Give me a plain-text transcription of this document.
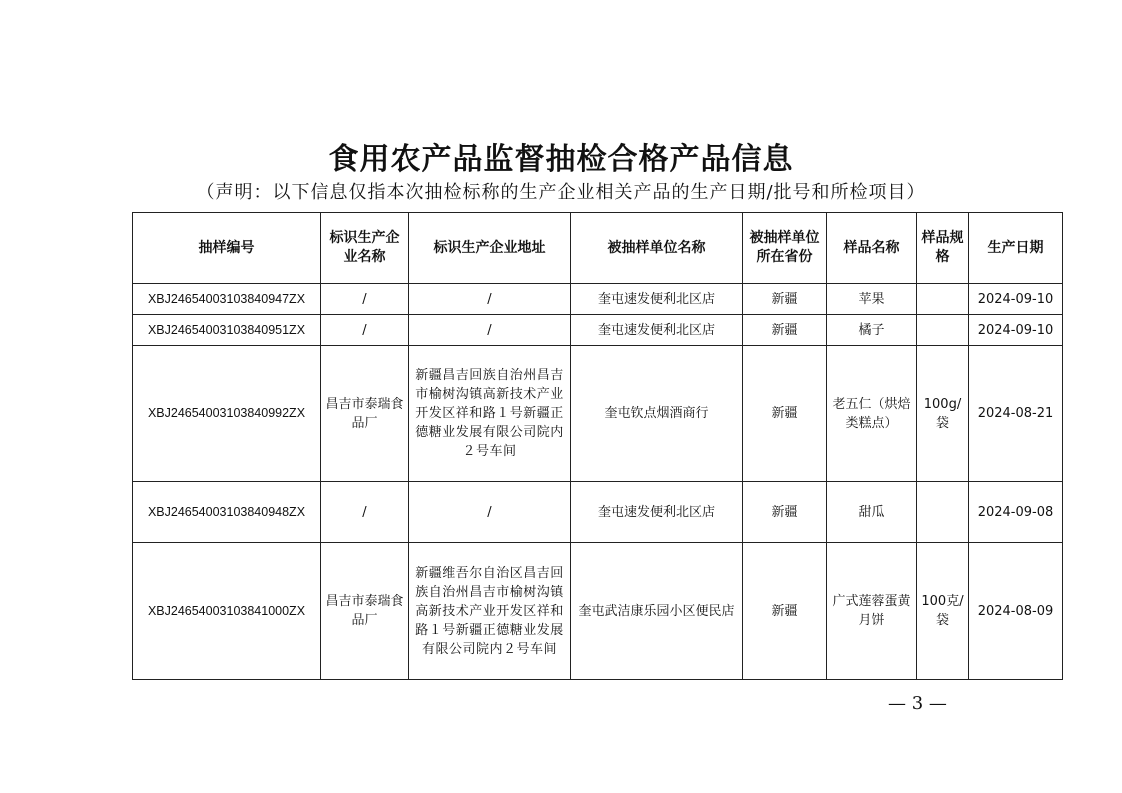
食用农产品监督抽检合格产品信息
（声明：以下信息仅指本次抽检标称的生产企业相关产品的生产日期/批号和所检项目）
抽样编号	标识生产企业名称	标识生产企业地址	被抽样单位名称	被抽样单位所在省份	样品名称	样品规格	生产日期
XBJ24654003103840947ZX	/	/	奎屯速发便利北区店	新疆	苹果		2024-09-10
XBJ24654003103840951ZX	/	/	奎屯速发便利北区店	新疆	橘子		2024-09-10
XBJ24654003103840992ZX	昌吉市泰瑞食品厂	新疆昌吉回族自治州昌吉市榆树沟镇高新技术产业开发区祥和路１号新疆正德糖业发展有限公司院内２号车间	奎屯钦点烟酒商行	新疆	老五仁（烘焙类糕点）	100g/袋	2024-08-21
XBJ24654003103840948ZX	/	/	奎屯速发便利北区店	新疆	甜瓜		2024-09-08
XBJ24654003103841000ZX	昌吉市泰瑞食品厂	新疆维吾尔自治区昌吉回族自治州昌吉市榆树沟镇高新技术产业开发区祥和路１号新疆正德糖业发展有限公司院内２号车间	奎屯武洁康乐园小区便民店	新疆	广式莲蓉蛋黄月饼	100克/袋	2024-08-09
— 3 —
